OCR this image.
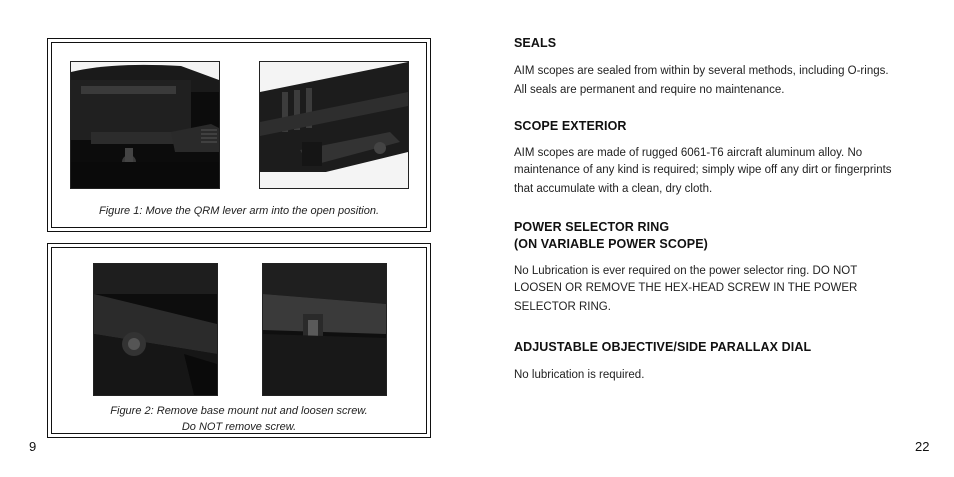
Figure 1: Move the QRM lever arm into the open position.
Figure 2: Remove base mount nut and loosen screw.
Do NOT remove screw.
9
SEALS

AIM scopes are sealed from within by several methods, including O-rings.
All seals are permanent and require no maintenance.

SCOPE EXTERIOR

AIM scopes are made of rugged 6061-T6 aircraft aluminum alloy. No
maintenance of any kind is required; simply wipe off any dirt or fingerprints
that accumulate with a clean, dry cloth.

POWER SELECTOR RING
(ON VARIABLE POWER SCOPE)

No Lubrication is ever required on the power selector ring. DO NOT
LOOSEN OR REMOVE THE HEX-HEAD SCREW IN THE POWER
SELECTOR RING.

ADJUSTABLE OBJECTIVE/SIDE PARALLAX DIAL

No lubrication is required.

22
